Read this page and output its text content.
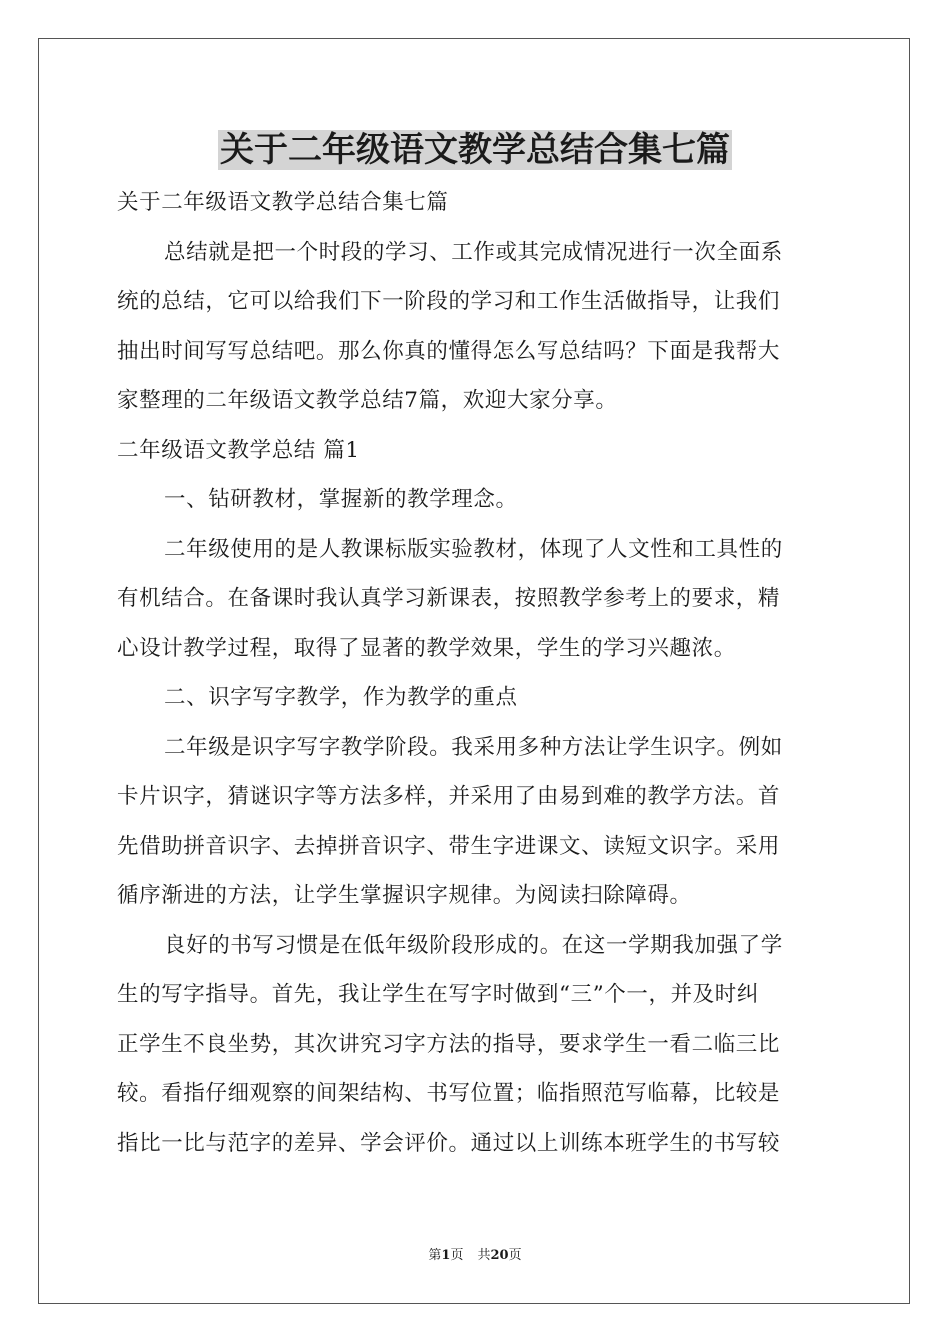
关于二年级语文教学总结合集七篇
关于二年级语文教学总结合集七篇
总结就是把一个时段的学习、工作或其完成情况进行一次全面系
统的总结，它可以给我们下一阶段的学习和工作生活做指导，让我们
抽出时间写写总结吧。那么你真的懂得怎么写总结吗？下面是我帮大
家整理的二年级语文教学总结7篇，欢迎大家分享。
二年级语文教学总结 篇1
一、钻研教材，掌握新的教学理念。
二年级使用的是人教课标版实验教材，体现了人文性和工具性的
有机结合。在备课时我认真学习新课表，按照教学参考上的要求，精
心设计教学过程，取得了显著的教学效果，学生的学习兴趣浓。
二、识字写字教学，作为教学的重点
二年级是识字写字教学阶段。我采用多种方法让学生识字。例如
卡片识字，猜谜识字等方法多样，并采用了由易到难的教学方法。首
先借助拼音识字、去掉拼音识字、带生字进课文、读短文识字。采用
循序渐进的方法，让学生掌握识字规律。为阅读扫除障碍。
良好的书写习惯是在低年级阶段形成的。在这一学期我加强了学
生的写字指导。首先，我让学生在写字时做到“三”个一，并及时纠
正学生不良坐势，其次讲究习字方法的指导，要求学生一看二临三比
较。看指仔细观察的间架结构、书写位置；临指照范写临幕，比较是
指比一比与范字的差异、学会评价。通过以上训练本班学生的书写较
第1页 共20页
